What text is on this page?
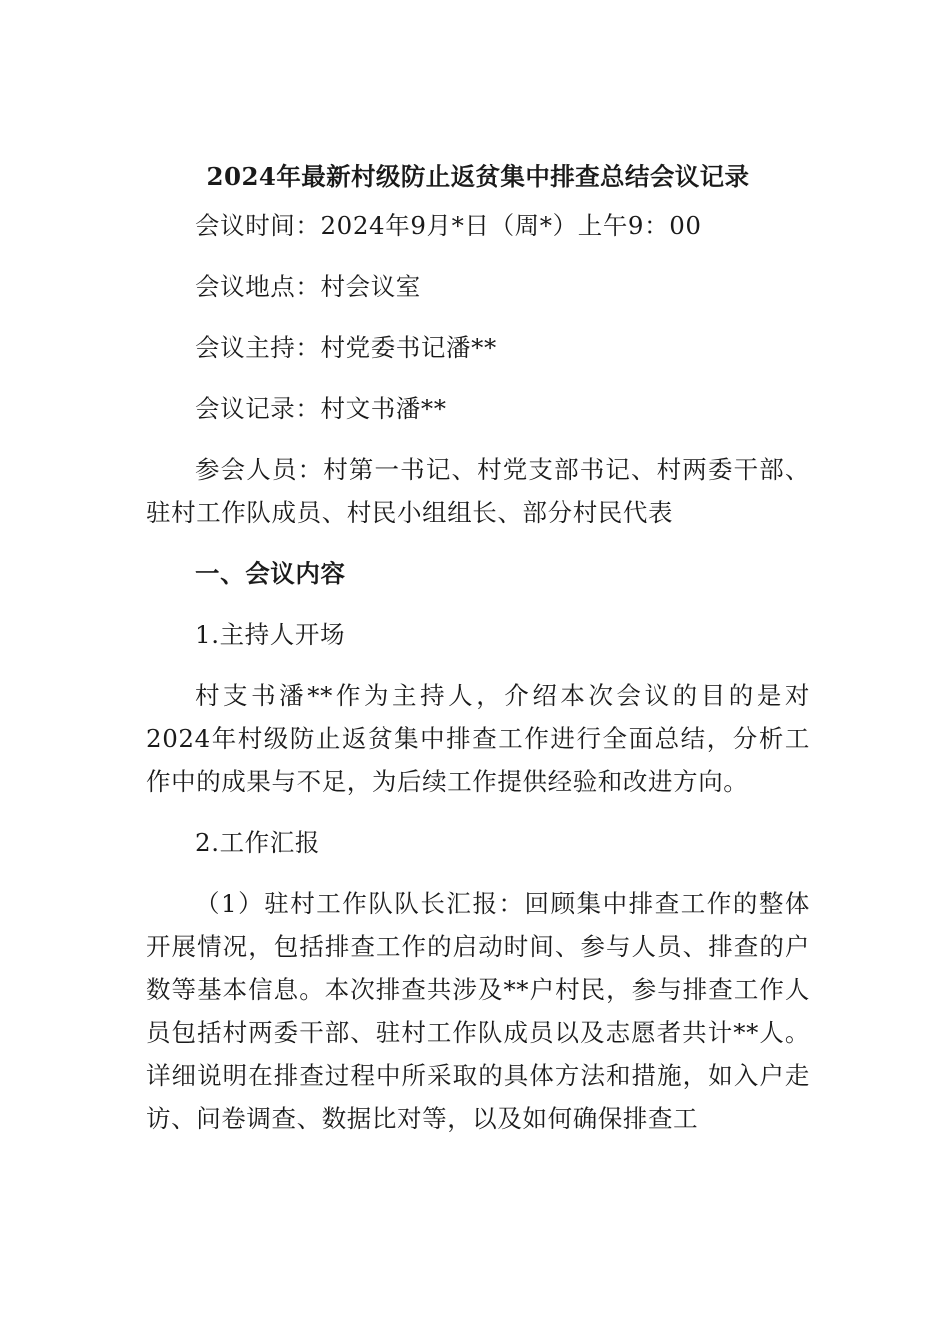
2024年最新村级防止返贫集中排查总结会议记录

会议时间：2024年9月*日（周*）上午9：00

会议地点：村会议室

会议主持：村党委书记潘**

会议记录：村文书潘**

参会人员：村第一书记、村党支部书记、村两委干部、驻村工作队成员、村民小组组长、部分村民代表

一、会议内容

1.主持人开场

村支书潘**作为主持人，介绍本次会议的目的是对2024年村级防止返贫集中排查工作进行全面总结，分析工作中的成果与不足，为后续工作提供经验和改进方向。

2.工作汇报

（1）驻村工作队队长汇报：回顾集中排查工作的整体开展情况，包括排查工作的启动时间、参与人员、排查的户数等基本信息。本次排查共涉及**户村民，参与排查工作人员包括村两委干部、驻村工作队成员以及志愿者共计**人。详细说明在排查过程中所采取的具体方法和措施，如入户走访、问卷调查、数据比对等，以及如何确保排查工
